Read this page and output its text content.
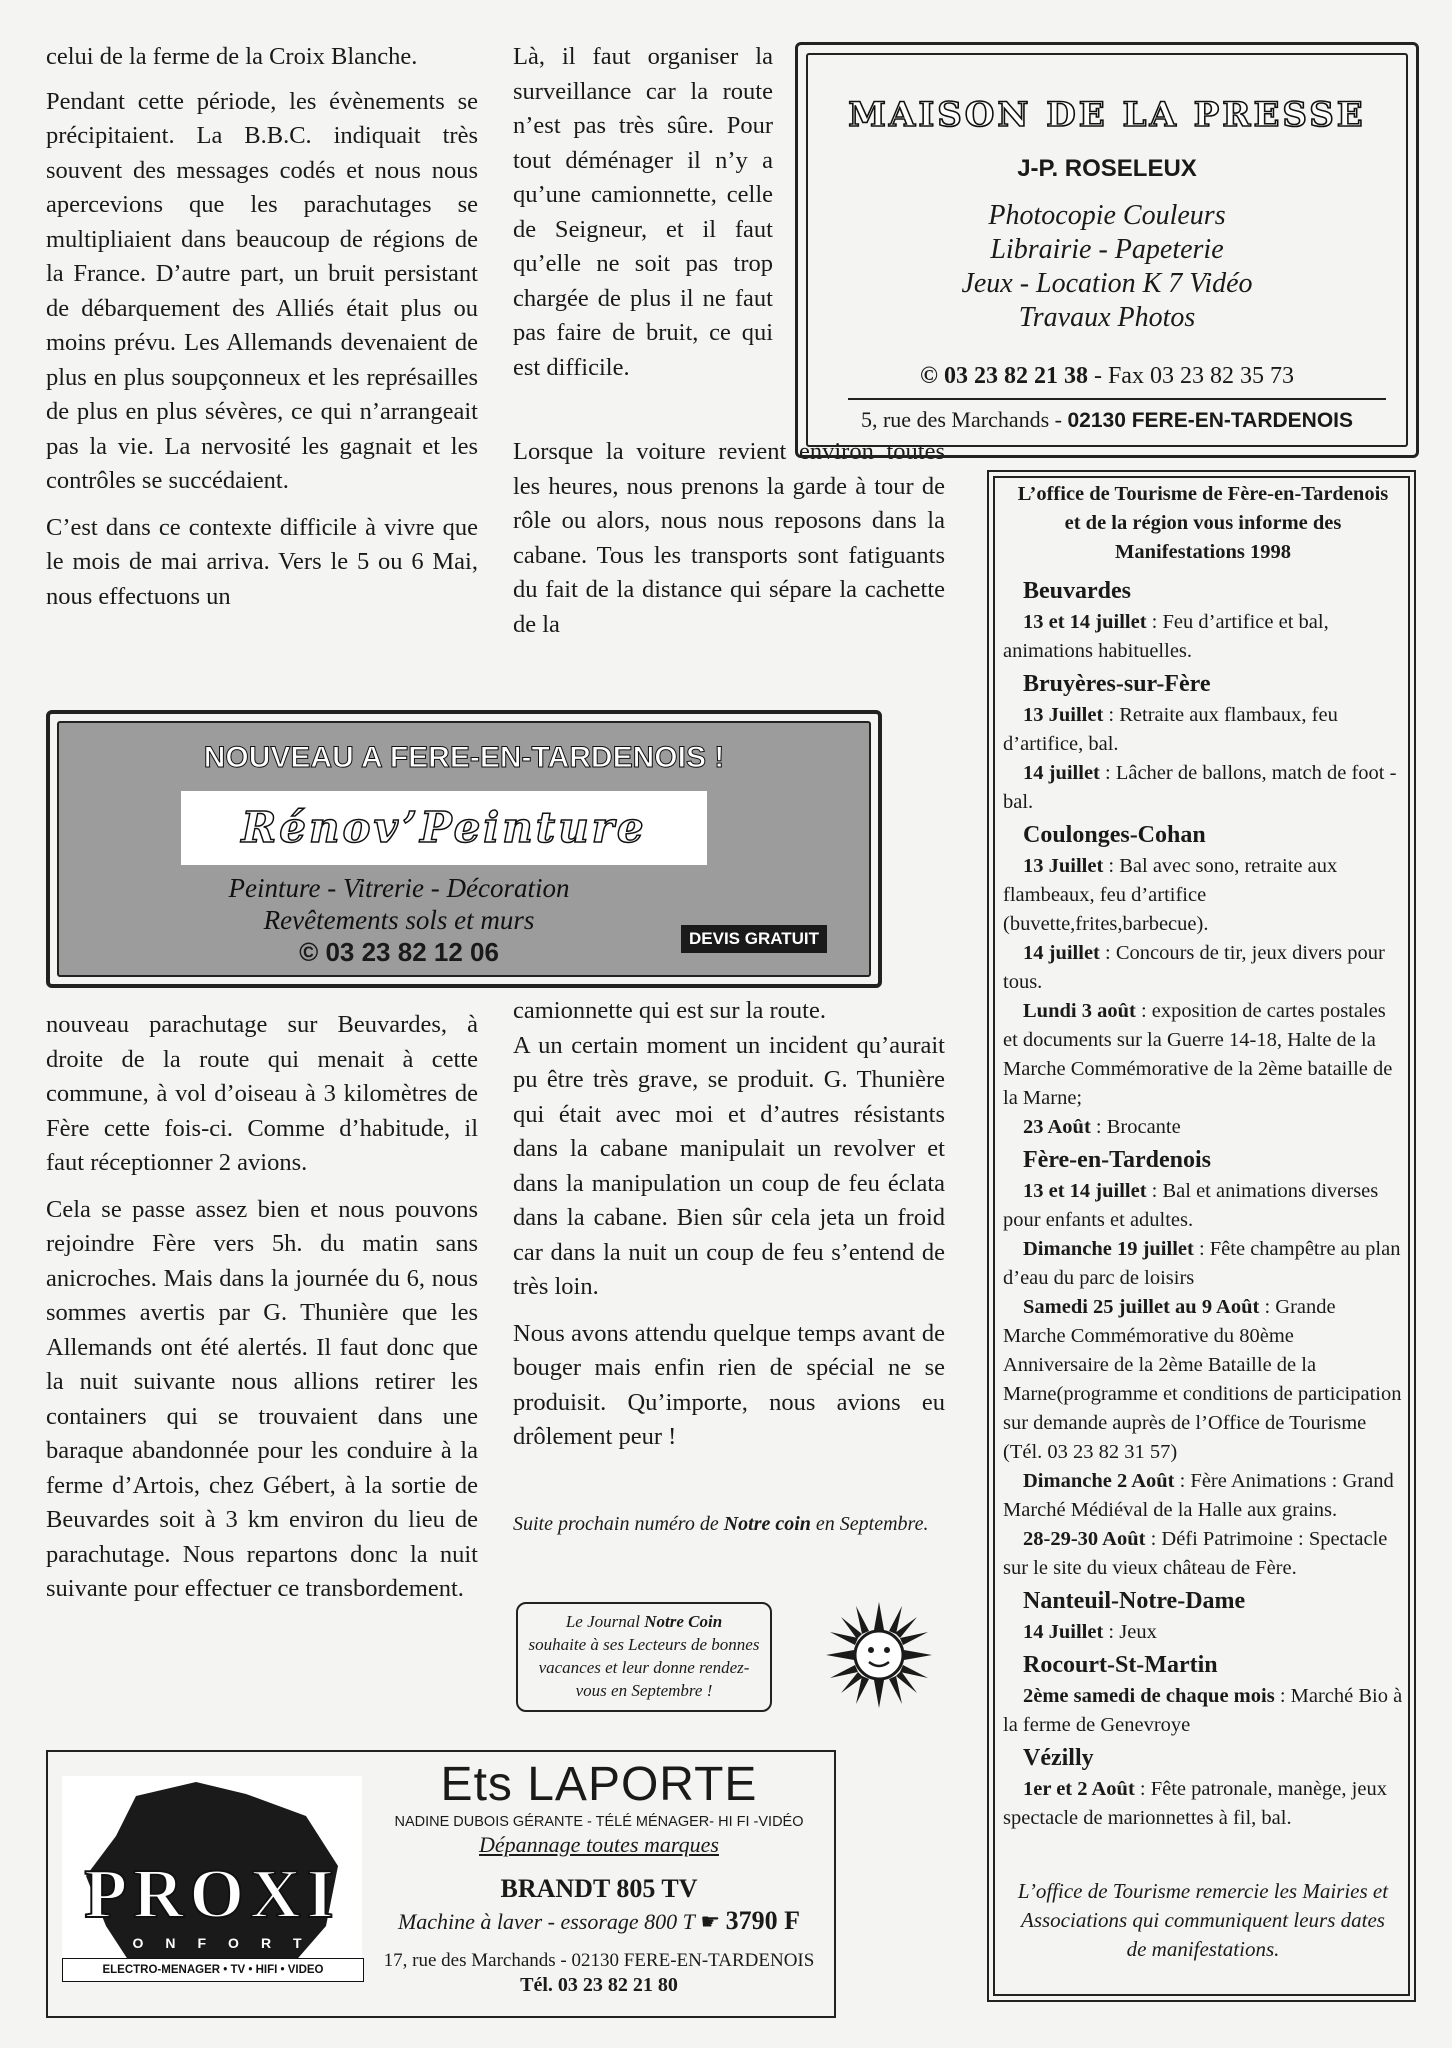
celui de la ferme de la Croix Blanche.

Pendant cette période, les évènements se précipitaient. La B.B.C. indiquait très souvent des messages codés et nous nous apercevions que les parachutages se multipliaient dans beaucoup de régions de la France. D’autre part, un bruit persistant de débarquement des Alliés était plus ou moins prévu. Les Allemands devenaient de plus en plus soupçonneux et les représailles de plus en plus sévères, ce qui n’arrangeait pas la vie. La nervosité les gagnait et les contrôles se succédaient.

C’est dans ce contexte difficile à vivre que le mois de mai arriva. Vers le 5 ou 6 Mai, nous effectuons un

Là, il faut organiser la surveillance car la route n’est pas très sûre. Pour tout déménager il n’y a qu’une camionnette, celle de Seigneur, et il faut qu’elle ne soit pas trop chargée de plus il ne faut pas faire de bruit, ce qui est difficile.

Lorsque la voiture revient environ toutes les heures, nous prenons la garde à tour de rôle ou alors, nous nous reposons dans la cabane. Tous les transports sont fatiguants du fait de la distance qui sépare la cachette de la

MAISON DE LA PRESSE
J-P. ROSELEUX
Photocopie Couleurs
Librairie - Papeterie
Jeux - Location K 7 Vidéo
Travaux Photos
© 03 23 82 21 38 - Fax 03 23 82 35 73
5, rue des Marchands - 02130 FERE-EN-TARDENOIS
NOUVEAU A FERE-EN-TARDENOIS !
Rénov’Peinture
Peinture - Vitrerie - Décoration
Revêtements sols et murs
© 03 23 82 12 06	DEVIS GRATUIT

nouveau parachutage sur Beuvardes, à droite de la route qui menait à cette commune, à vol d’oiseau à 3 kilomètres de Fère cette fois-ci. Comme d’habitude, il faut réceptionner 2 avions.

Cela se passe assez bien et nous pouvons rejoindre Fère vers 5h. du matin sans anicroches. Mais dans la journée du 6, nous sommes avertis par G. Thunière que les Allemands ont été alertés. Il faut donc que la nuit suivante nous allions retirer les containers qui se trouvaient dans une baraque abandonnée pour les conduire à la ferme d’Artois, chez Gébert, à la sortie de Beuvardes soit à 3 km environ du lieu de parachutage. Nous repartons donc la nuit suivante pour effectuer ce transbordement.

camionnette qui est sur la route.

A un certain moment un incident qu’aurait pu être très grave, se produit. G. Thunière qui était avec moi et d’autres résistants dans la cabane manipulait un revolver et dans la manipulation un coup de feu éclata dans la cabane. Bien sûr cela jeta un froid car dans la nuit un coup de feu s’entend de très loin.

Nous avons attendu quelque temps avant de bouger mais enfin rien de spécial ne se produisit. Qu’importe, nous avions eu drôlement peur !

Suite prochain numéro de Notre coin en Septembre.
Le Journal Notre Coin
souhaite à ses Lecteurs de bonnes vacances et leur donne rendez-vous en Septembre !
L’office de Tourisme de Fère-en-Tardenois et de la région vous informe des Manifestations 1998
Beuvardes

13 et 14 juillet : Feu d’artifice et bal, animations habituelles.

Bruyères-sur-Fère

13 Juillet : Retraite aux flambaux, feu d’artifice, bal.

14 juillet : Lâcher de ballons, match de foot - bal.

Coulonges-Cohan

13 Juillet : Bal avec sono, retraite aux flambeaux, feu d’artifice (buvette,frites,barbecue).

14 juillet : Concours de tir, jeux divers pour tous.

Lundi 3 août : exposition de cartes postales et documents sur la Guerre 14-18, Halte de la Marche Commémorative de la 2ème bataille de la Marne;

23 Août : Brocante

Fère-en-Tardenois

13 et 14 juillet : Bal et animations diverses pour enfants et adultes.

Dimanche 19 juillet : Fête champêtre au plan d’eau du parc de loisirs

Samedi 25 juillet au 9 Août : Grande Marche Commémorative du 80ème Anniversaire de la 2ème Bataille de la Marne(programme et conditions de participation sur demande auprès de l’Office de Tourisme (Tél. 03 23 82 31 57)

Dimanche 2 Août : Fère Animations : Grand Marché Médiéval de la Halle aux grains.

28-29-30 Août : Défi Patrimoine : Spectacle sur le site du vieux château de Fère.

Nanteuil-Notre-Dame

14 Juillet : Jeux

Rocourt-St-Martin

2ème samedi de chaque mois : Marché Bio à la ferme de Genevroye

Vézilly

1er et 2 Août : Fête patronale, manège, jeux spectacle de marionnettes à fil, bal.

L’office de Tourisme remercie les Mairies et Associations qui communiquent leurs dates de manifestations.
PROXI
CONFORT
ELECTRO-MENAGER • TV • HIFI • VIDEO
Ets LAPORTE
NADINE DUBOIS GÉRANTE - TÉLÉ MÉNAGER- HI FI -VIDÉO
Dépannage toutes marques
BRANDT 805 TV
Machine à laver - essorage 800 T ☛ 3790 F
17, rue des Marchands - 02130 FERE-EN-TARDENOIS
Tél. 03 23 82 21 80
